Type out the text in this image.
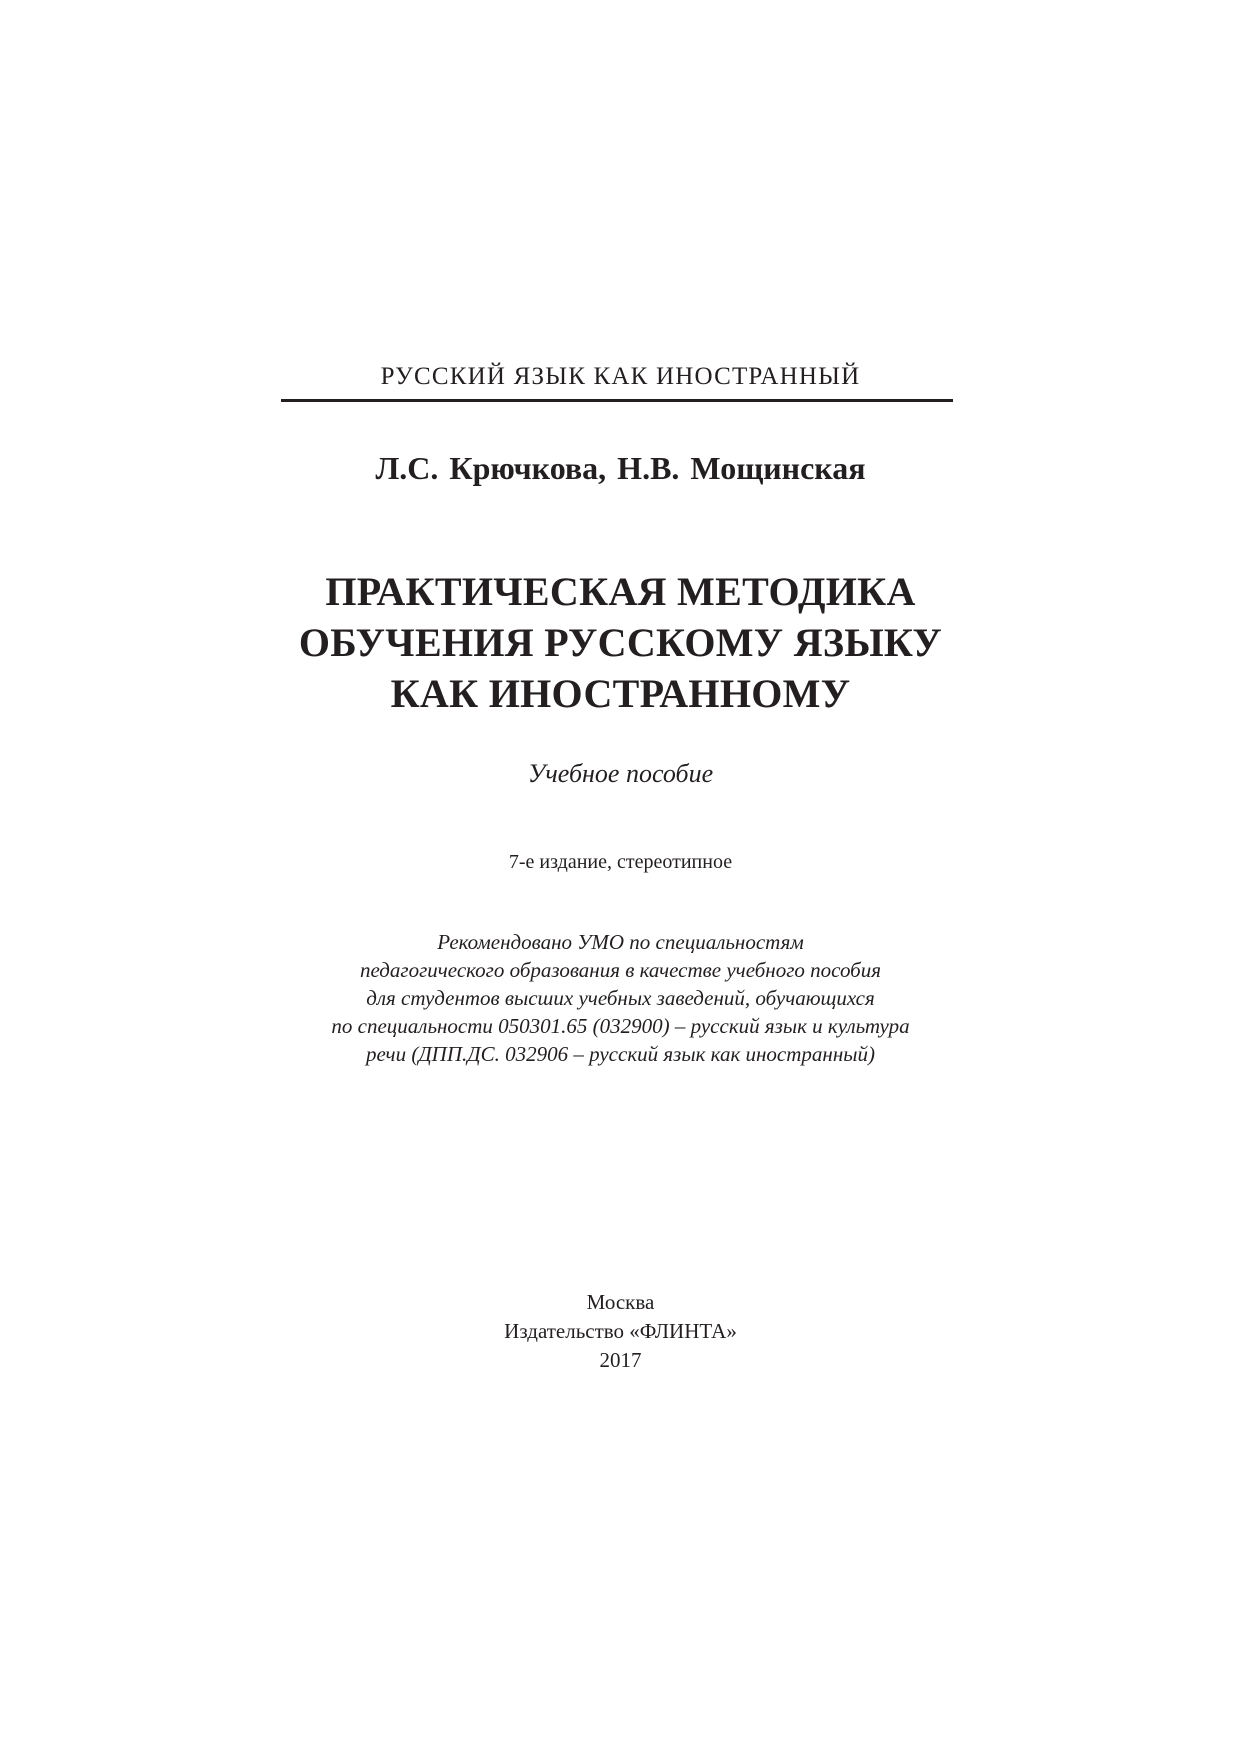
РУССКИЙ ЯЗЫК КАК ИНОСТРАННЫЙ
Л.С. Крючкова, Н.В. Мощинская
ПРАКТИЧЕСКАЯ МЕТОДИКА
ОБУЧЕНИЯ РУССКОМУ ЯЗЫКУ
КАК ИНОСТРАННОМУ
Учебное пособие
7-е издание, стереотипное
Рекомендовано УМО по специальностям
педагогического образования в качестве учебного пособия
для студентов высших учебных заведений, обучающихся
по специальности 050301.65 (032900) – русский язык и культура
речи (ДПП.ДС. 032906 – русский язык как иностранный)
Москва
Издательство «ФЛИНТА»
2017
